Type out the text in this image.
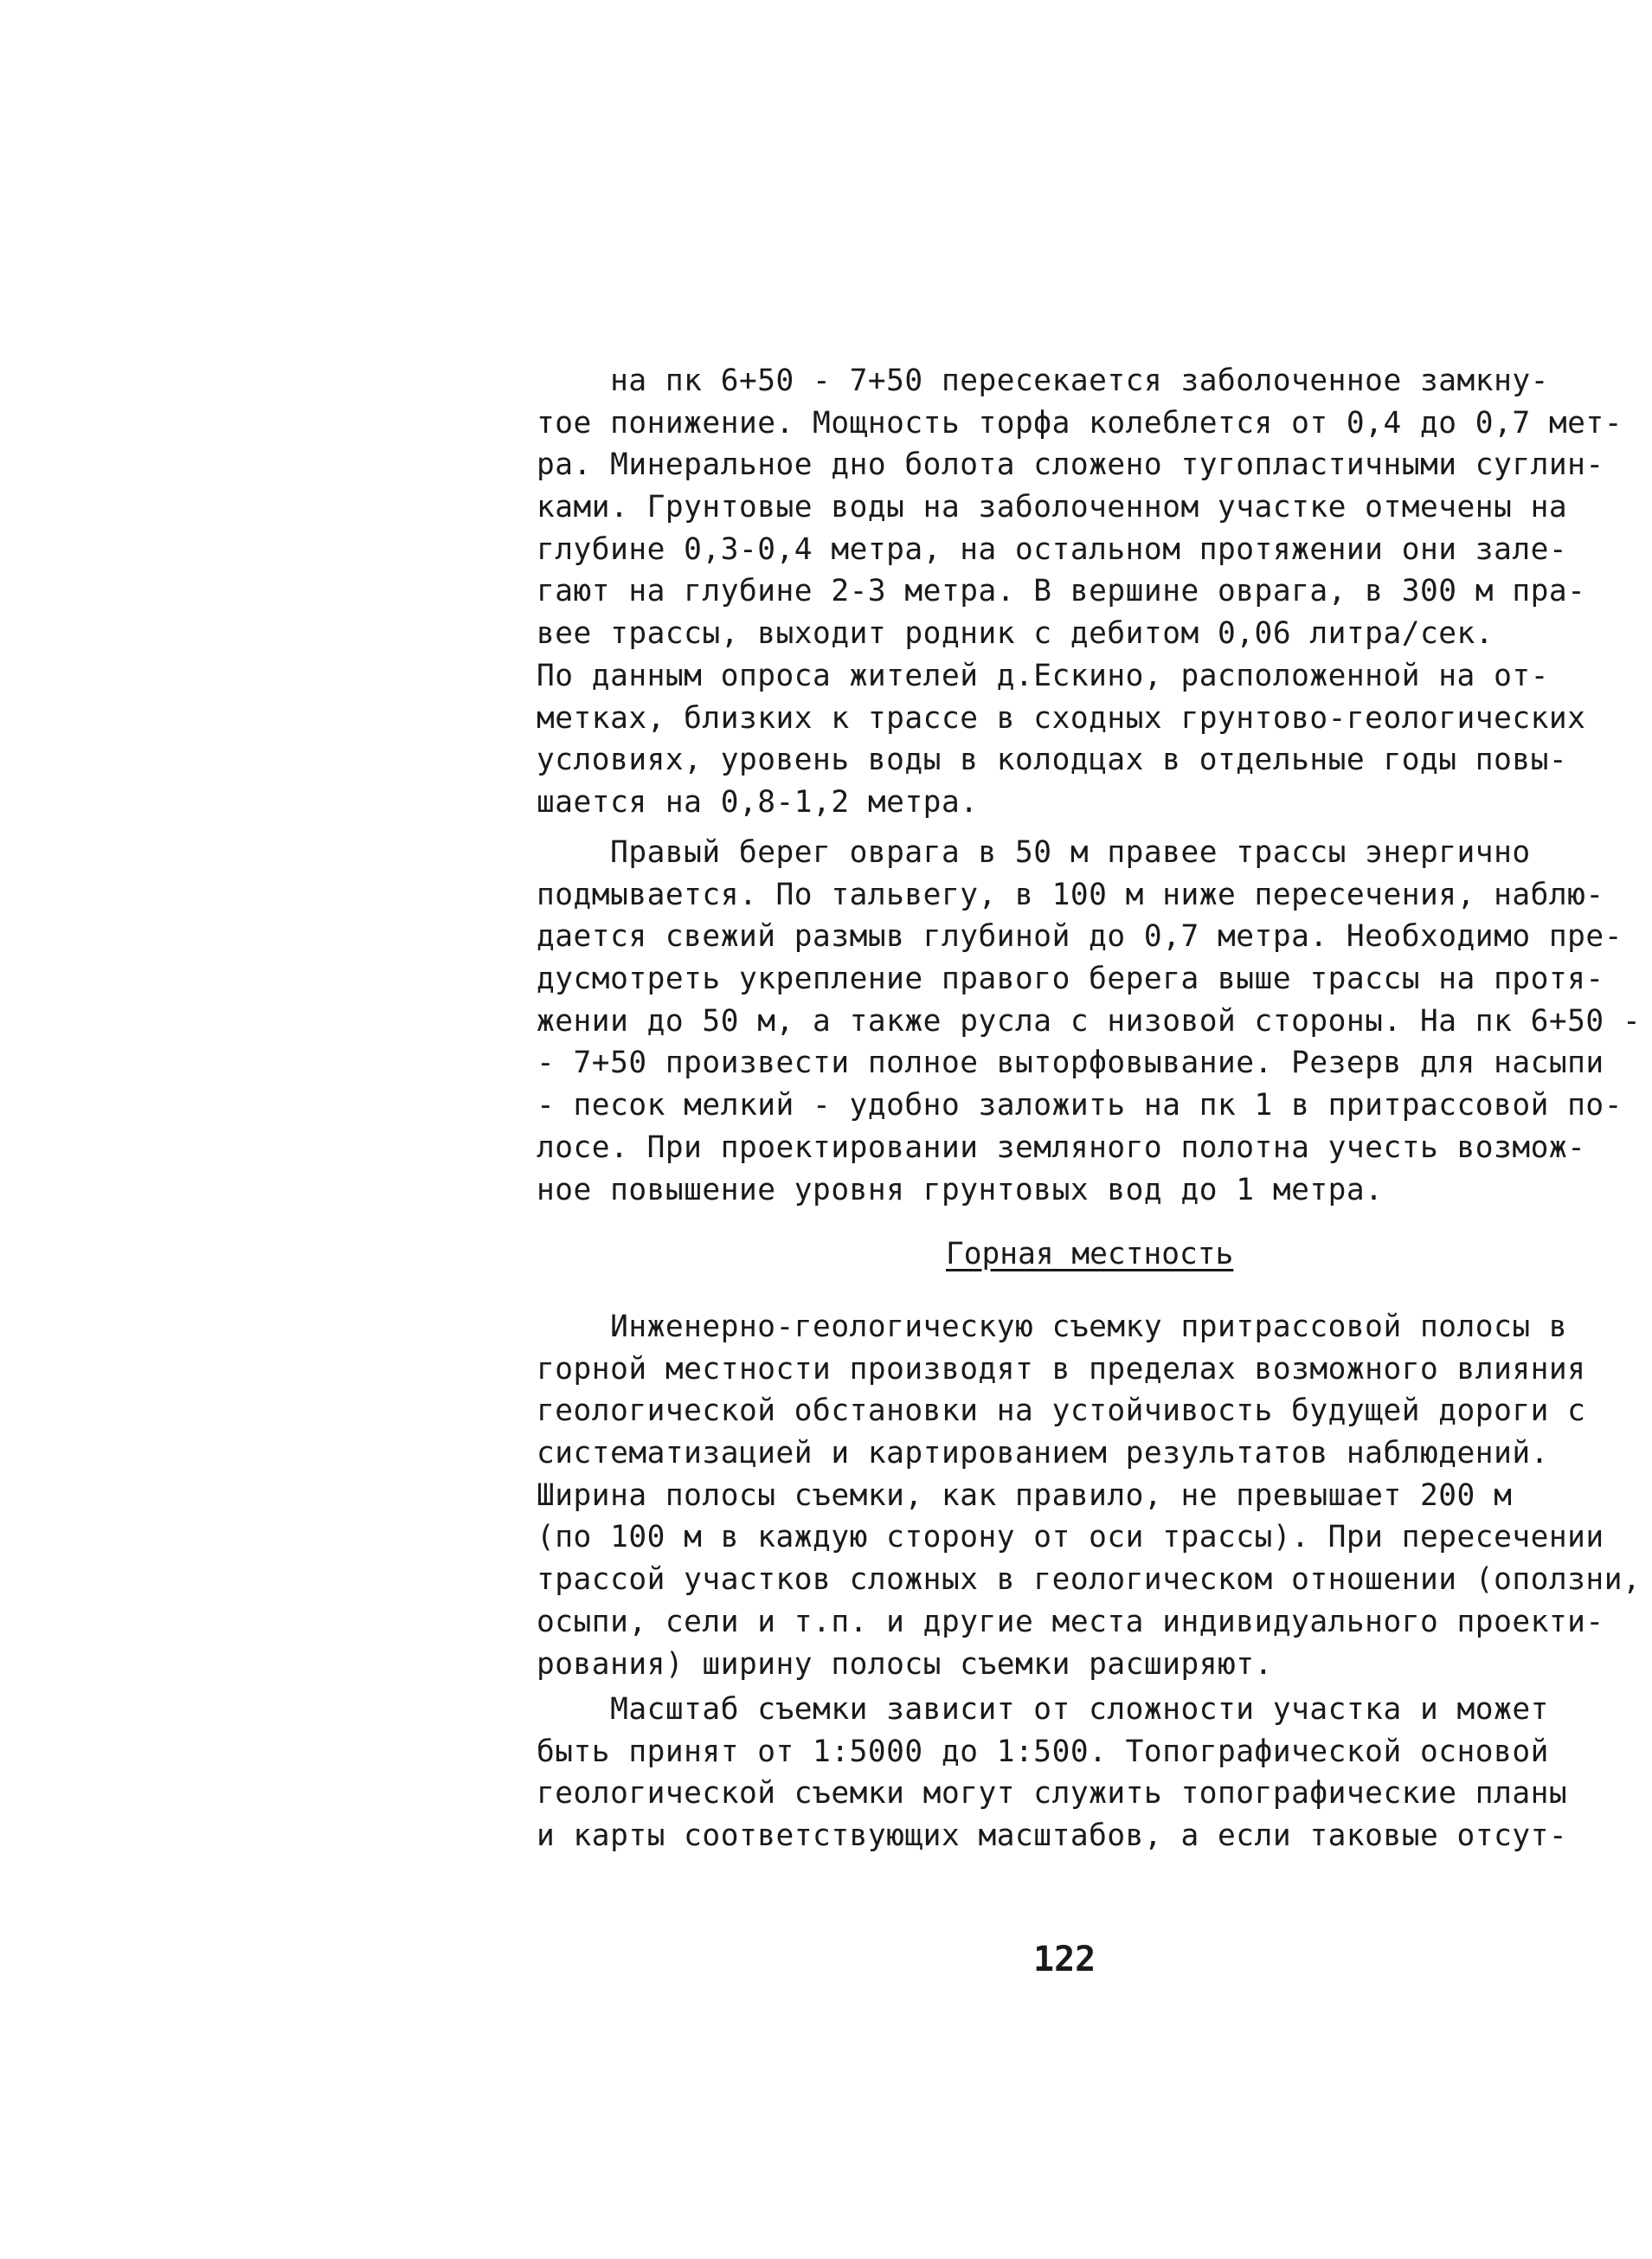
на пк 6+50 - 7+50 пересекается заболоченное замкну-
тое понижение. Мощность торфа колеблется от 0,4 до 0,7 мет-
ра. Минеральное дно болота сложено тугопластичными суглин-
ками. Грунтовые воды на заболоченном участке отмечены на
глубине 0,3-0,4 метра, на остальном протяжении они зале-
гают на глубине 2-3 метра. В вершине оврага, в 300 м пра-
вее трассы, выходит родник с дебитом 0,06 литра/сек.
По данным опроса жителей д.Ескино, расположенной на от-
метках, близких к трассе в сходных грунтово-геологических
условиях, уровень воды в колодцах в отдельные годы повы-
шается на 0,8-1,2 метра.
Правый берег оврага в 50 м правее трассы энергично
подмывается. По тальвегу, в 100 м ниже пересечения, наблю-
дается свежий размыв глубиной до 0,7 метра. Необходимо пре-
дусмотреть укрепление правого берега выше трассы на протя-
жении до 50 м, а также русла с низовой стороны. На пк 6+50 -
- 7+50 произвести полное выторфовывание. Резерв для насыпи
- песок мелкий - удобно заложить на пк 1 в притрассовой по-
лосе. При проектировании земляного полотна учесть возмож-
ное повышение уровня грунтовых вод до 1 метра.
Горная местность
Инженерно-геологическую съемку притрассовой полосы в
горной местности производят в пределах возможного влияния
геологической обстановки на устойчивость будущей дороги с
систематизацией и картированием результатов наблюдений.
Ширина полосы съемки, как правило, не превышает 200 м
(по 100 м в каждую сторону от оси трассы). При пересечении
трассой участков сложных в геологическом отношении (оползни,
осыпи, сели и т.п. и другие места индивидуального проекти-
рования) ширину полосы съемки расширяют.
Масштаб съемки зависит от сложности участка и может
быть принят от 1:5000 до 1:500. Топографической основой
геологической съемки могут служить топографические планы
и карты соответствующих масштабов, а если таковые отсут-
122
